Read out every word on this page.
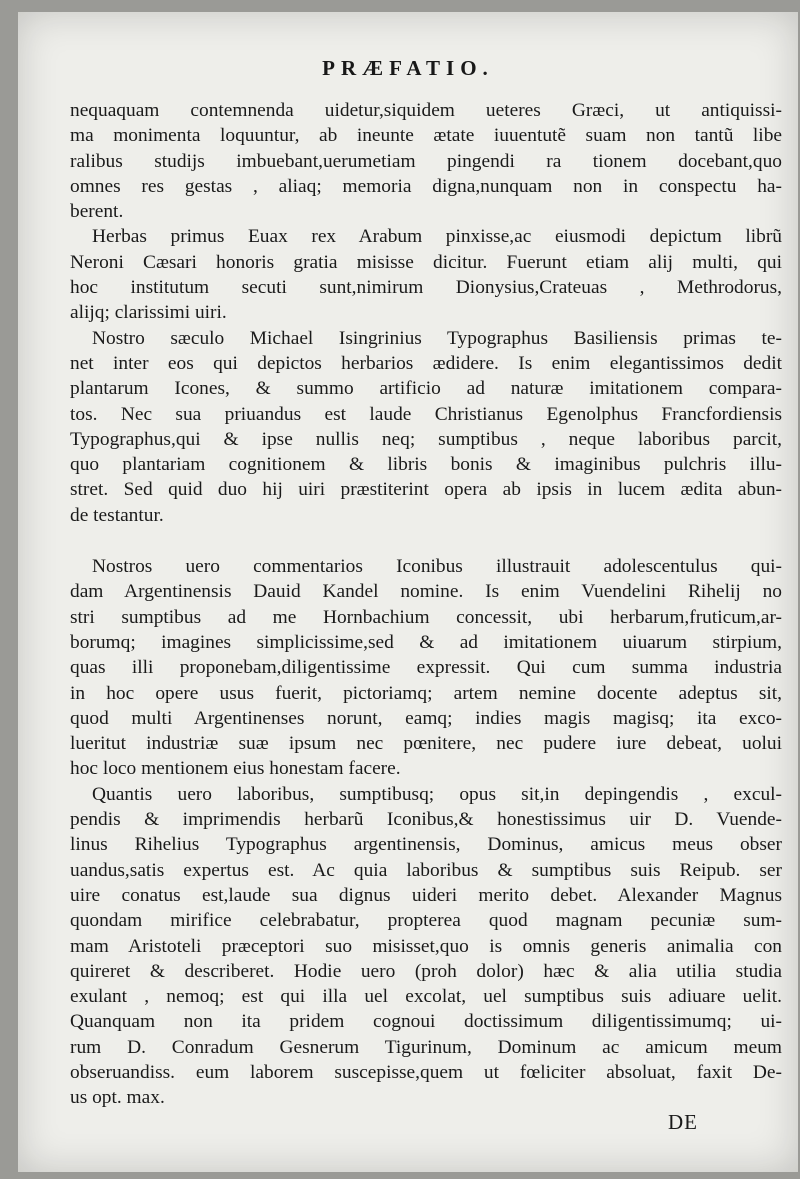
PRÆFATIO.
nequaquam contemnenda uidetur,siquidem ueteres Græci, ut antiquissi-
ma monimenta loquuntur, ab ineunte ætate iuuentutẽ suam non tantũ libe
ralibus studijs imbuebant,uerumetiam pingendi ra tionem docebant,quo
omnes res gestas , aliaq; memoria digna,nunquam non in conspectu ha-
berent.
Herbas primus Euax rex Arabum pinxisse,ac eiusmodi depictum librũ
Neroni Cæsari honoris gratia misisse dicitur. Fuerunt etiam alij multi, qui
hoc institutum secuti sunt,nimirum Dionysius,Crateuas , Methrodorus,
alijq; clarissimi uiri.
Nostro sæculo Michael Isingrinius Typographus Basiliensis primas te-
net inter eos qui depictos herbarios ædidere. Is enim elegantissimos dedit
plantarum Icones, & summo artificio ad naturæ imitationem comparа-
tos. Nec sua priuandus est laude Christianus Egenolphus Francfordiensis
Typographus,qui & ipse nullis neq; sumptibus , neque laboribus parcit,
quo plantariam cognitionem & libris bonis & imaginibus pulchris illu-
stret. Sed quid duo hij uiri præstiterint opera ab ipsis in lucem ædita abun-
de testantur.
Nostros uero commentarios Iconibus illustrauit adolescentulus qui-
dam Argentinensis Dauid Kandel nomine. Is enim Vuendelini Rihelij no
stri sumptibus ad me Hornbachium concessit, ubi herbarum,fruticum,ar-
borumq; imagines simplicissime,sed & ad imitationem uiuarum stirpium,
quas illi proponebam,diligentissime expressit. Qui cum summa industria
in hoc opere usus fuerit, pictoriamq; artem nemine docente adeptus sit,
quod multi Argentinenses norunt, eamq; indies magis magisq; ita exco-
lueritut industriæ suæ ipsum nec pœnitere, nec pudere iure debeat, uolui
hoc loco mentionem eius honestam facere.
Quantis uero laboribus, sumptibusq; opus sit,in depingendis , excul-
pendis & imprimendis herbarũ Iconibus,& honestissimus uir D. Vuende-
linus Rihelius Typographus argentinensis, Dominus, amicus meus obser
uandus,satis expertus est. Ac quia laboribus & sumptibus suis Reipub. ser
uire conatus est,laude sua dignus uideri merito debet. Alexander Magnus
quondam mirifice celebrabatur, propterea quod magnam pecuniæ sum-
mam Aristoteli præceptori suo misisset,quo is omnis generis animalia con
quireret & describeret. Hodie uero (proh dolor) hæc & alia utilia studia
exulant , nemoq; est qui illa uel excolat, uel sumptibus suis adiuare uelit.
Quanquam non ita pridem cognoui doctissimum diligentissimumq; ui-
rum D. Conradum Gesnerum Tigurinum, Dominum ac amicum meum
obseruandiss. eum laborem suscepisse,quem ut fœliciter absoluat, faxit De-
us opt. max.
DE
